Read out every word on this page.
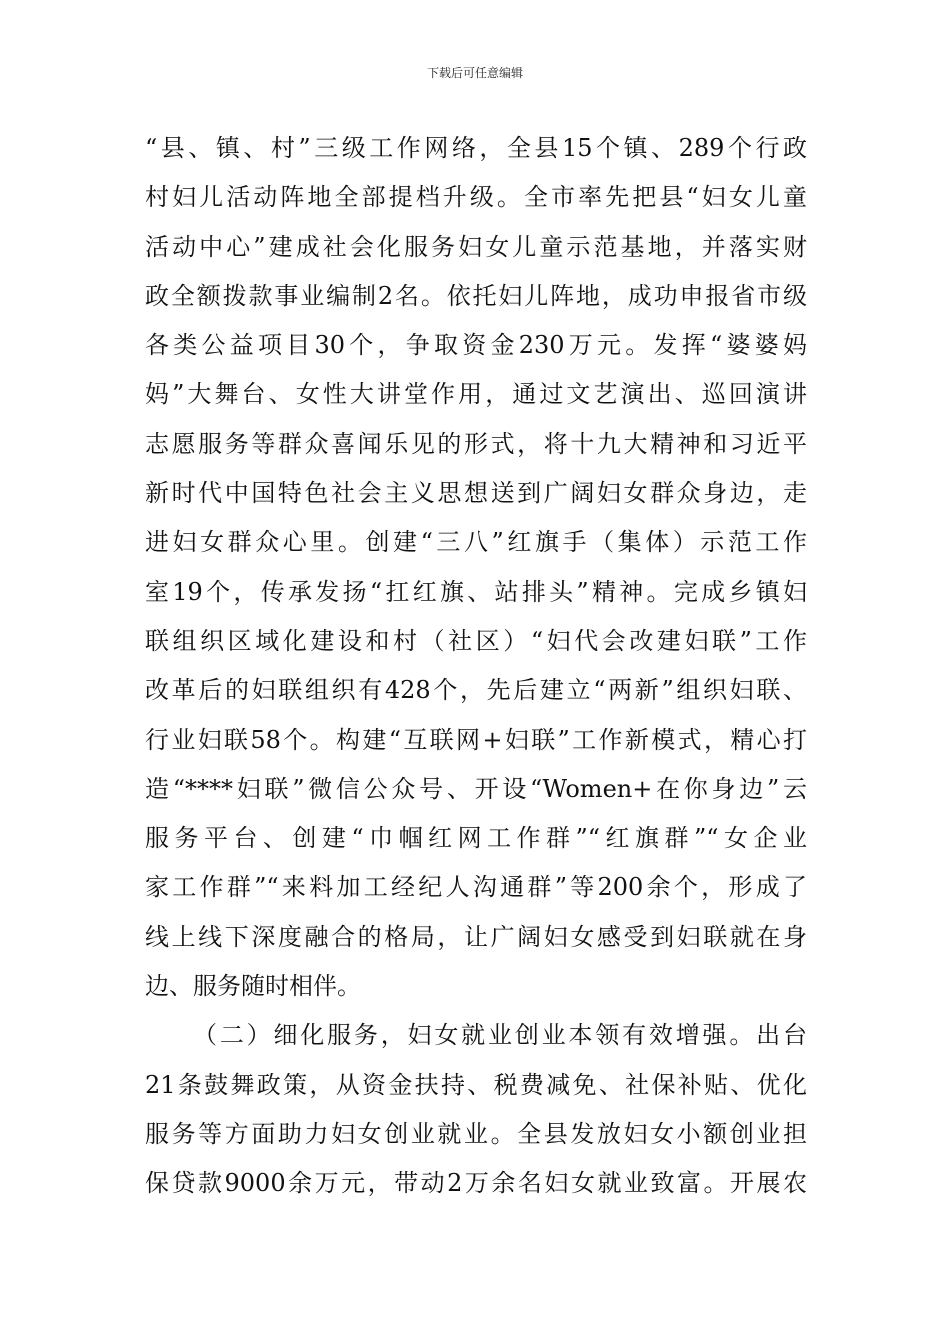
下载后可任意编辑
“县、镇、村”三级工作网络，全县15个镇、289个行政
村妇儿活动阵地全部提档升级。全市率先把县“妇女儿童
活动中心”建成社会化服务妇女儿童示范基地，并落实财
政全额拨款事业编制2名。依托妇儿阵地，成功申报省市级
各类公益项目30个，争取资金230万元。发挥“婆婆妈
妈”大舞台、女性大讲堂作用，通过文艺演出、巡回演讲
志愿服务等群众喜闻乐见的形式，将十九大精神和习近平
新时代中国特色社会主义思想送到广阔妇女群众身边，走
进妇女群众心里。创建“三八”红旗手（集体）示范工作
室19个，传承发扬“扛红旗、站排头”精神。完成乡镇妇
联组织区域化建设和村（社区）“妇代会改建妇联”工作
改革后的妇联组织有428个，先后建立“两新”组织妇联、
行业妇联58个。构建“互联网+妇联”工作新模式，精心打
造“****妇联”微信公众号、开设“Women+在你身边”云
服务平台、创建“巾帼红网工作群”“红旗群”“女企业
家工作群”“来料加工经纪人沟通群”等200余个，形成了
线上线下深度融合的格局，让广阔妇女感受到妇联就在身
边、服务随时相伴。
（二）细化服务，妇女就业创业本领有效增强。出台
21条鼓舞政策，从资金扶持、税费减免、社保补贴、优化
服务等方面助力妇女创业就业。全县发放妇女小额创业担
保贷款9000余万元，带动2万余名妇女就业致富。开展农
